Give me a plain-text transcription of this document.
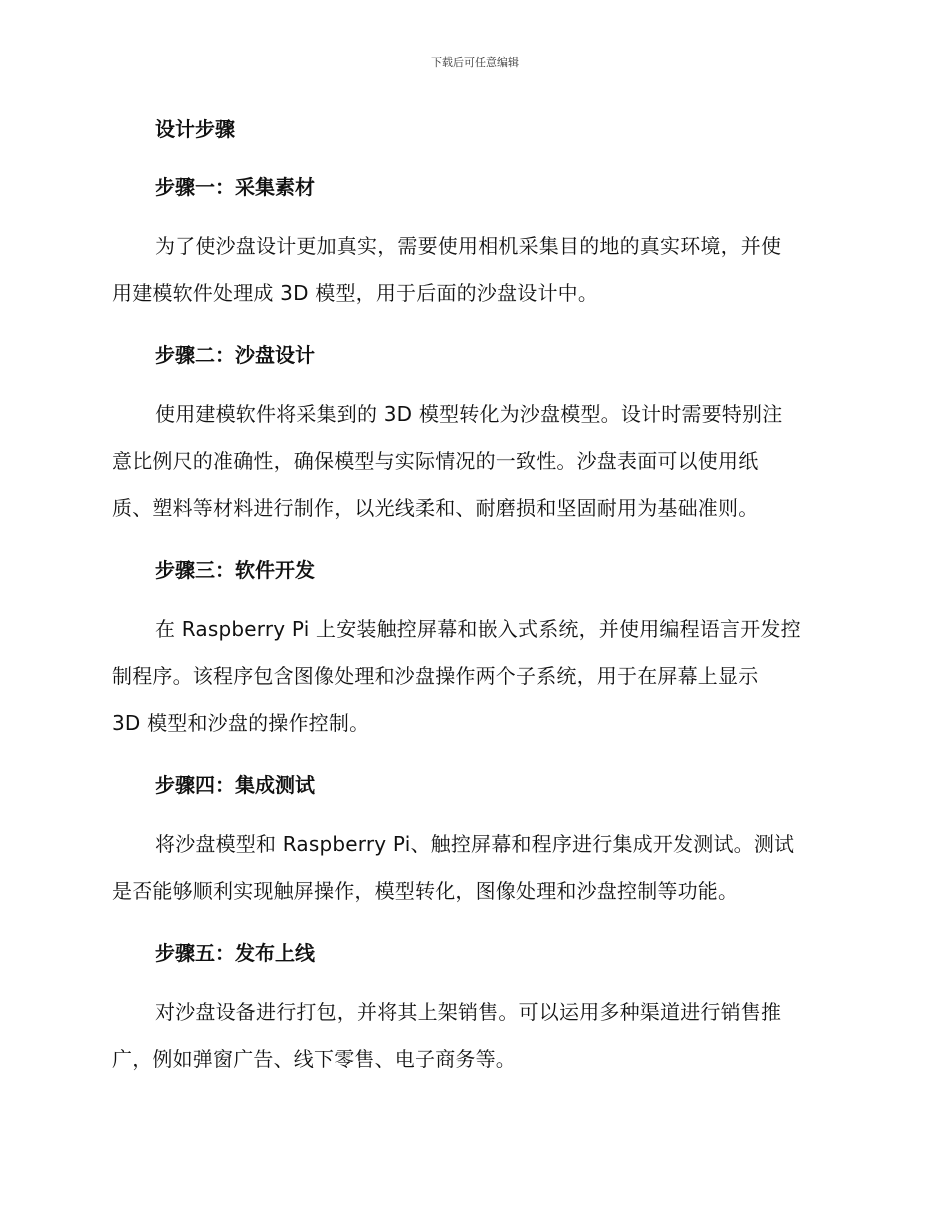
下载后可任意编辑
设计步骤
步骤一：采集素材

为了使沙盘设计更加真实，需要使用相机采集目的地的真实环境，并使
用建模软件处理成 3D 模型，用于后面的沙盘设计中。

步骤二：沙盘设计

使用建模软件将采集到的 3D 模型转化为沙盘模型。设计时需要特别注
意比例尺的准确性，确保模型与实际情况的一致性。沙盘表面可以使用纸
质、塑料等材料进行制作，以光线柔和、耐磨损和坚固耐用为基础准则。

步骤三：软件开发

在 Raspberry Pi 上安装触控屏幕和嵌入式系统，并使用编程语言开发控
制程序。该程序包含图像处理和沙盘操作两个子系统，用于在屏幕上显示
3D 模型和沙盘的操作控制。

步骤四：集成测试

将沙盘模型和 Raspberry Pi、触控屏幕和程序进行集成开发测试。测试
是否能够顺利实现触屏操作，模型转化，图像处理和沙盘控制等功能。

步骤五：发布上线

对沙盘设备进行打包，并将其上架销售。可以运用多种渠道进行销售推
广，例如弹窗广告、线下零售、电子商务等。
